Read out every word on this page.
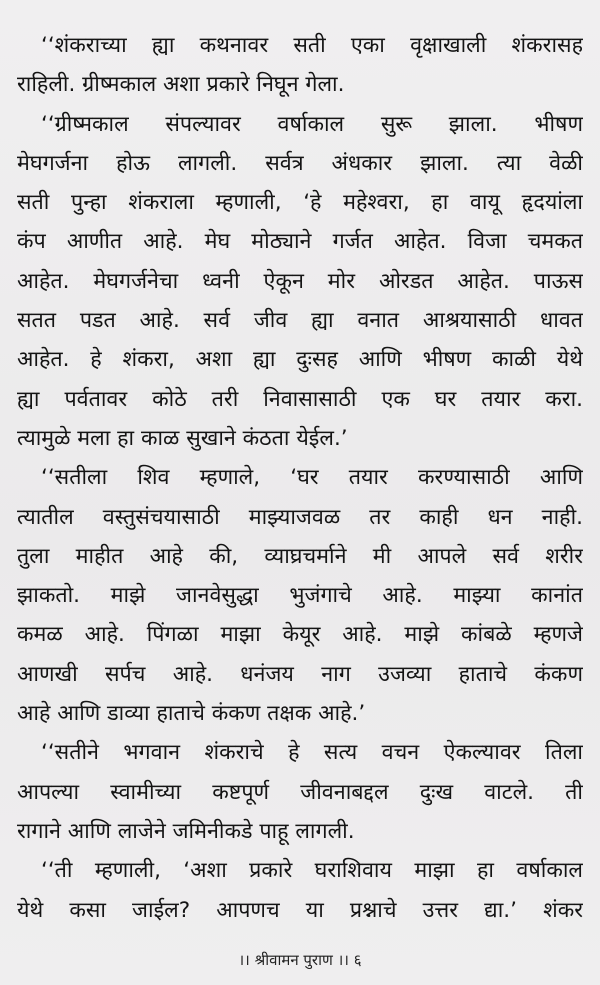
‘‘शंकराच्या ह्या कथनावर सती एका वृक्षाखाली शंकरासह
राहिली. ग्रीष्मकाल अशा प्रकारे निघून गेला.
‘‘ग्रीष्मकाल संपल्यावर वर्षाकाल सुरू झाला. भीषण
मेघगर्जना होऊ लागली. सर्वत्र अंधकार झाला. त्या वेळी
सती पुन्हा शंकराला म्हणाली, ‘हे महेश्वरा, हा वायू हृदयांला
कंप आणीत आहे. मेघ मोठ्याने गर्जत आहेत. विजा चमकत
आहेत. मेघगर्जनेचा ध्वनी ऐकून मोर ओरडत आहेत. पाऊस
सतत पडत आहे. सर्व जीव ह्या वनात आश्रयासाठी धावत
आहेत. हे शंकरा, अशा ह्या दुःसह आणि भीषण काळी येथे
ह्या पर्वतावर कोठे तरी निवासासाठी एक घर तयार करा.
त्यामुळे मला हा काळ सुखाने कंठता येईल.’
‘‘सतीला शिव म्हणाले, ‘घर तयार करण्यासाठी आणि
त्यातील वस्तुसंचयासाठी माझ्याजवळ तर काही धन नाही.
तुला माहीत आहे की, व्याघ्रचर्माने मी आपले सर्व शरीर
झाकतो. माझे जानवेसुद्धा भुजंगाचे आहे. माझ्या कानांत
कमळ आहे. पिंगळा माझा केयूर आहे. माझे कांबळे म्हणजे
आणखी सर्पच आहे. धनंजय नाग उजव्या हाताचे कंकण
आहे आणि डाव्या हाताचे कंकण तक्षक आहे.’
‘‘सतीने भगवान शंकराचे हे सत्य वचन ऐकल्यावर तिला
आपल्या स्वामीच्या कष्टपूर्ण जीवनाबद्दल दुःख वाटले. ती
रागाने आणि लाजेने जमिनीकडे पाहू लागली.
‘‘ती म्हणाली, ‘अशा प्रकारे घराशिवाय माझा हा वर्षाकाल
येथे कसा जाईल? आपणच या प्रश्नाचे उत्तर द्या.’ शंकर
।। श्रीवामन पुराण ।। ६
